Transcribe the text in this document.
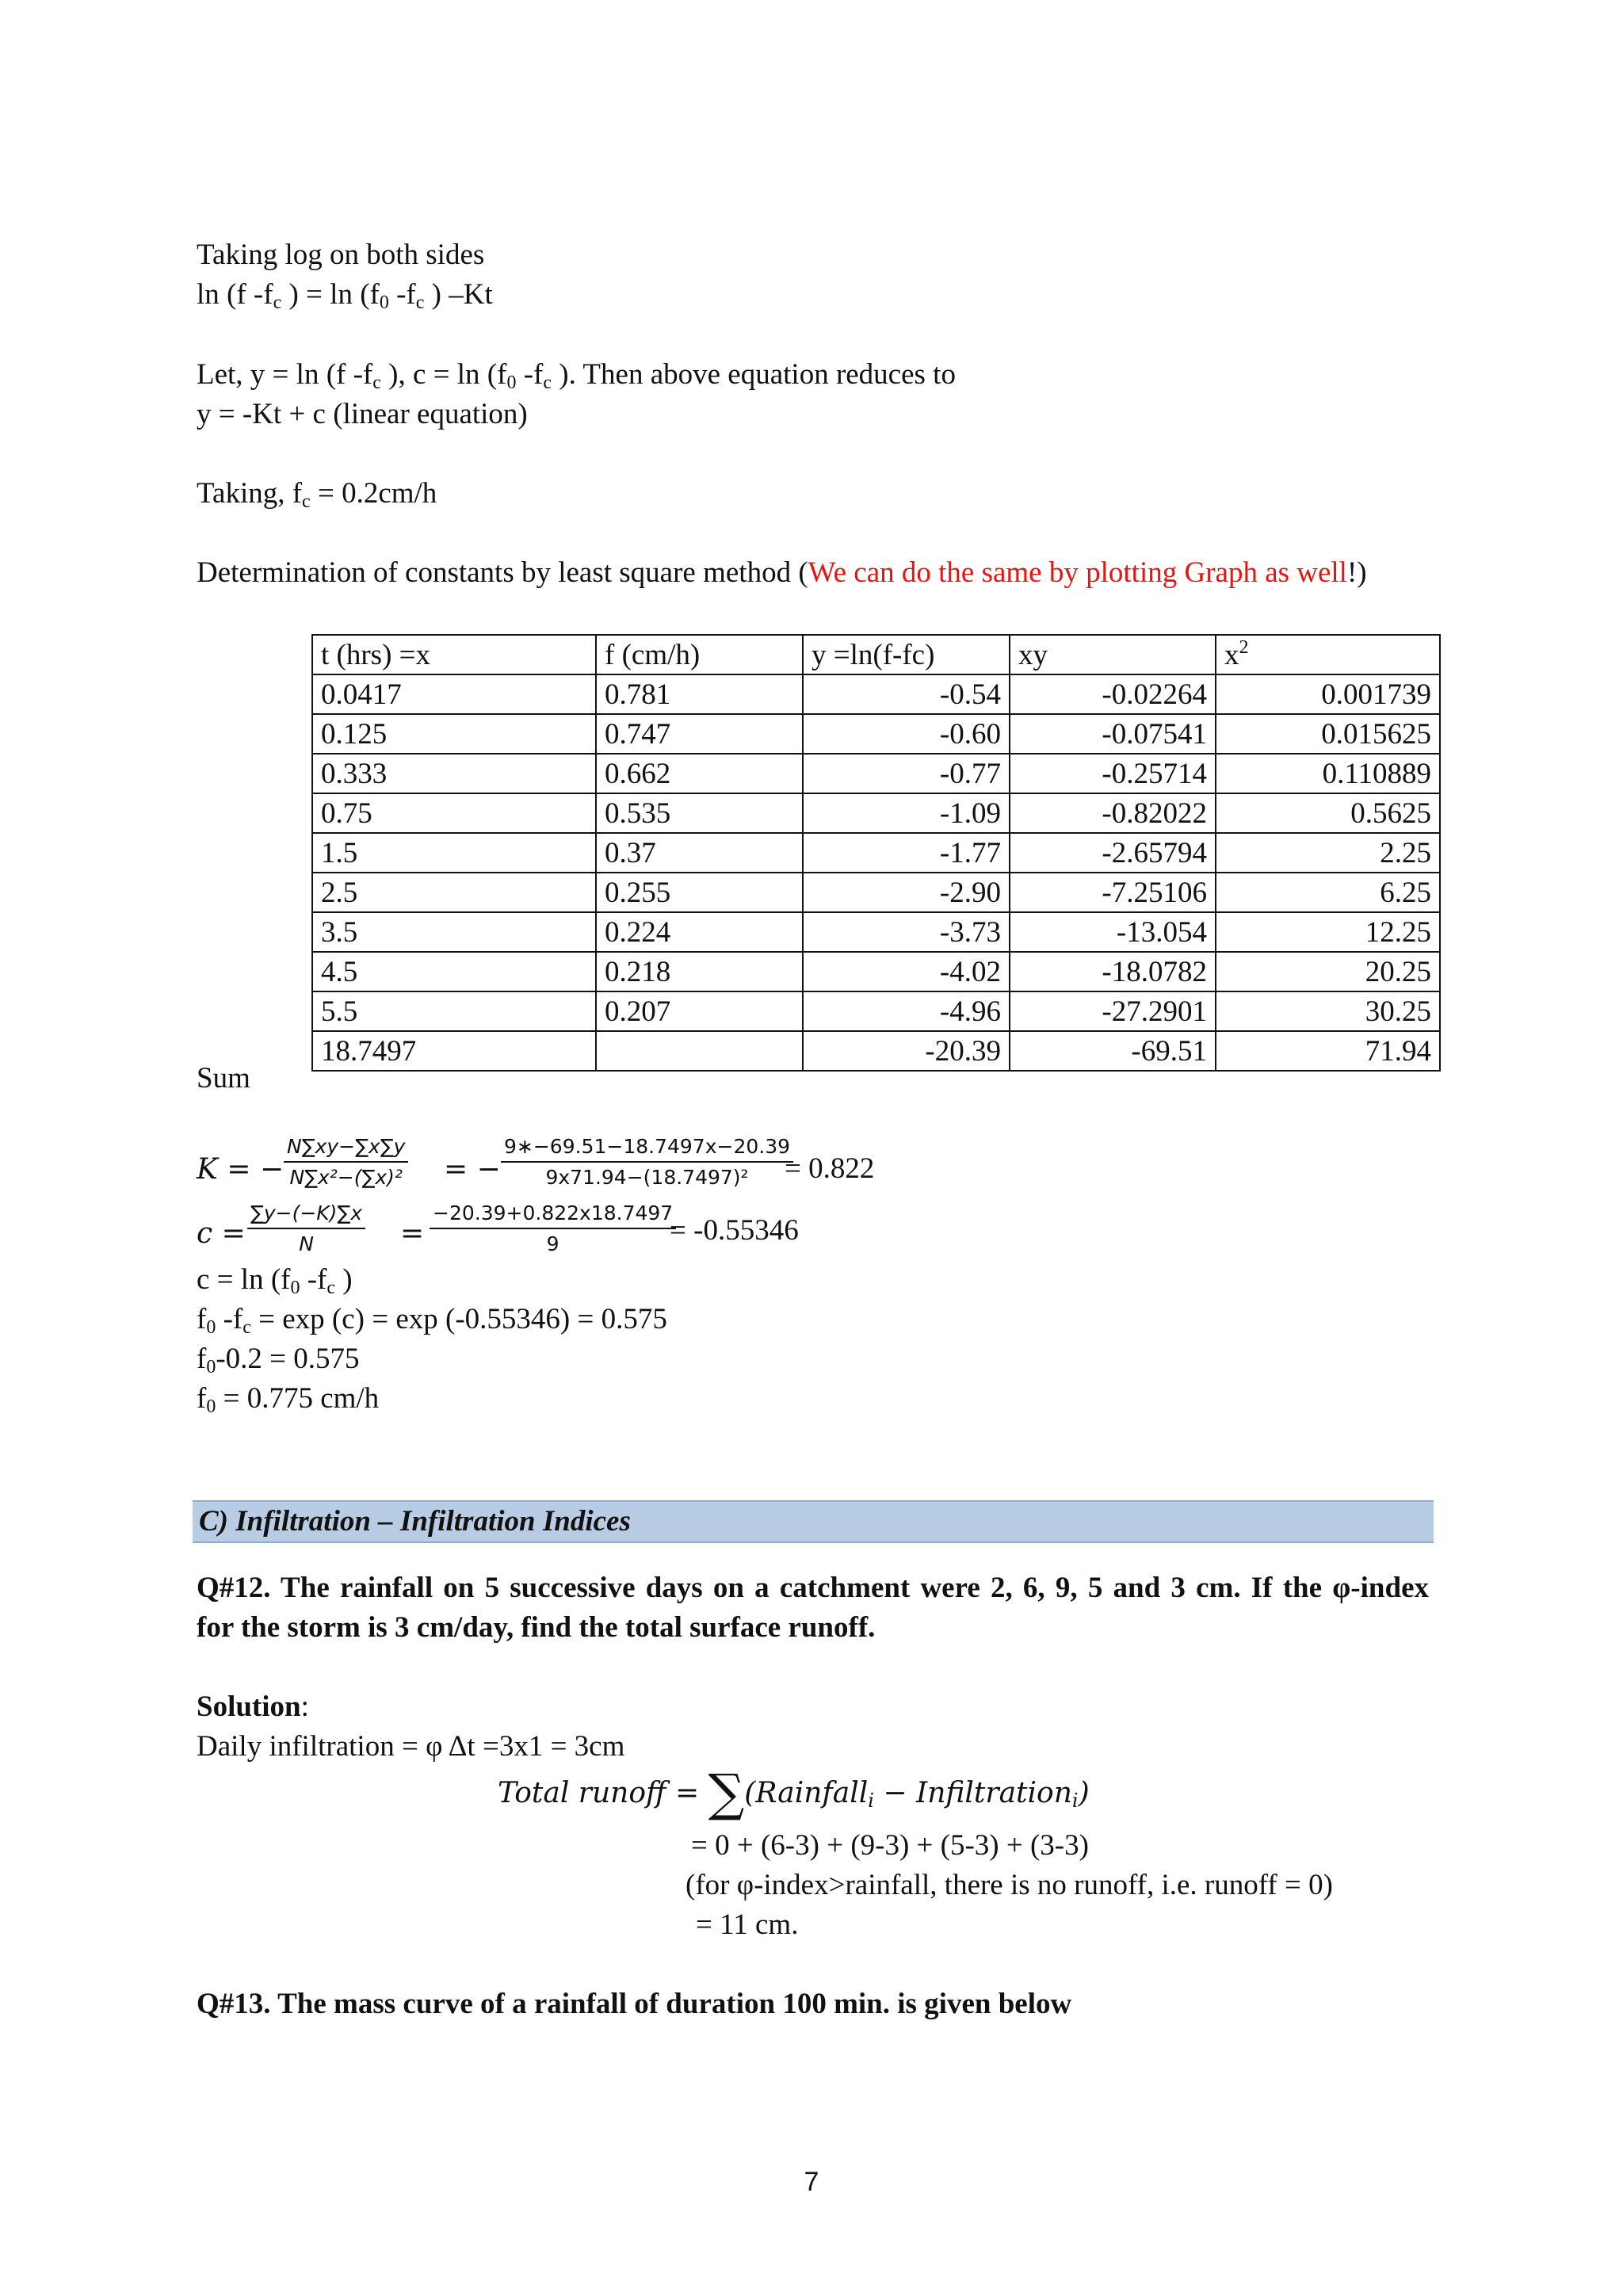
Taking log on both sides
ln (f $-f_c$ ) = $\ln (f_0$ $-f_c$ ) –Kt
Let, y = ln (f $-f_c$ ), $c = \ln (f_0$ $-f_c$ ). Then above equation reduces to
y = -Kt + c (linear equation)
Taking, $f_c = 0.2cm/h$
Determination of constants by least square method (We can do the same by plotting Graph as well!)
t (hrs) =x	f (cm/h)	y =ln(f-fc)	xy	$x^2$
0.0417	0.781	-0.54	-0.02264	0.001739
0.125	0.747	-0.60	-0.07541	0.015625
0.333	0.662	-0.77	-0.25714	0.110889
0.75	0.535	-1.09	-0.82022	0.5625
1.5	0.37	-1.77	-2.65794	2.25
2.5	0.255	-2.90	-7.25106	6.25
3.5	0.224	-3.73	-13.054	12.25
4.5	0.218	-4.02	-18.0782	20.25
5.5	0.207	-4.96	-27.2901	30.25
18.7497		-20.39	-69.51	71.94
Sum
K = − $\frac{N\sum xy-\sum x\sum y}{\text{N∑x²−(∑x)²}}$ = − $\frac{9∗-69.51-18.7497x-20.39}{\text{9x71.94−(18.7497)²}}$
= 0.822
$c = \frac{\sum y-(-K)\sum x}{N} = \frac{-20.39+0.822x18.7497}{9}$
= -0.55346
$c = \ln (f_0$ $-f_c$ )
$f_0$ $-f_c = \exp (c) = \exp (-0.55346) = 0.575$
$f_0-0.2 = 0.575$
$f_0 = 0.775$ cm/h
C) Infiltration – Infiltration Indices
Q#12. The rainfall on 5 successive days on a catchment were 2, 6, 9, 5 and 3 cm. If the φ-index
for the storm is 3 cm/day, find the total surface runoff.
Solution:
Daily infiltration = φ Δt =3x1 = 3cm
Total runoff = ∑(Rainfall$_i$ − Infiltration$_i$)
= 0 + (6-3) + (9-3) + (5-3) + (3-3)
(for φ-index>rainfall, there is no runoff, i.e. runoff = 0)
= 11 cm.
Q#13. The mass curve of a rainfall of duration 100 min. is given below
7
